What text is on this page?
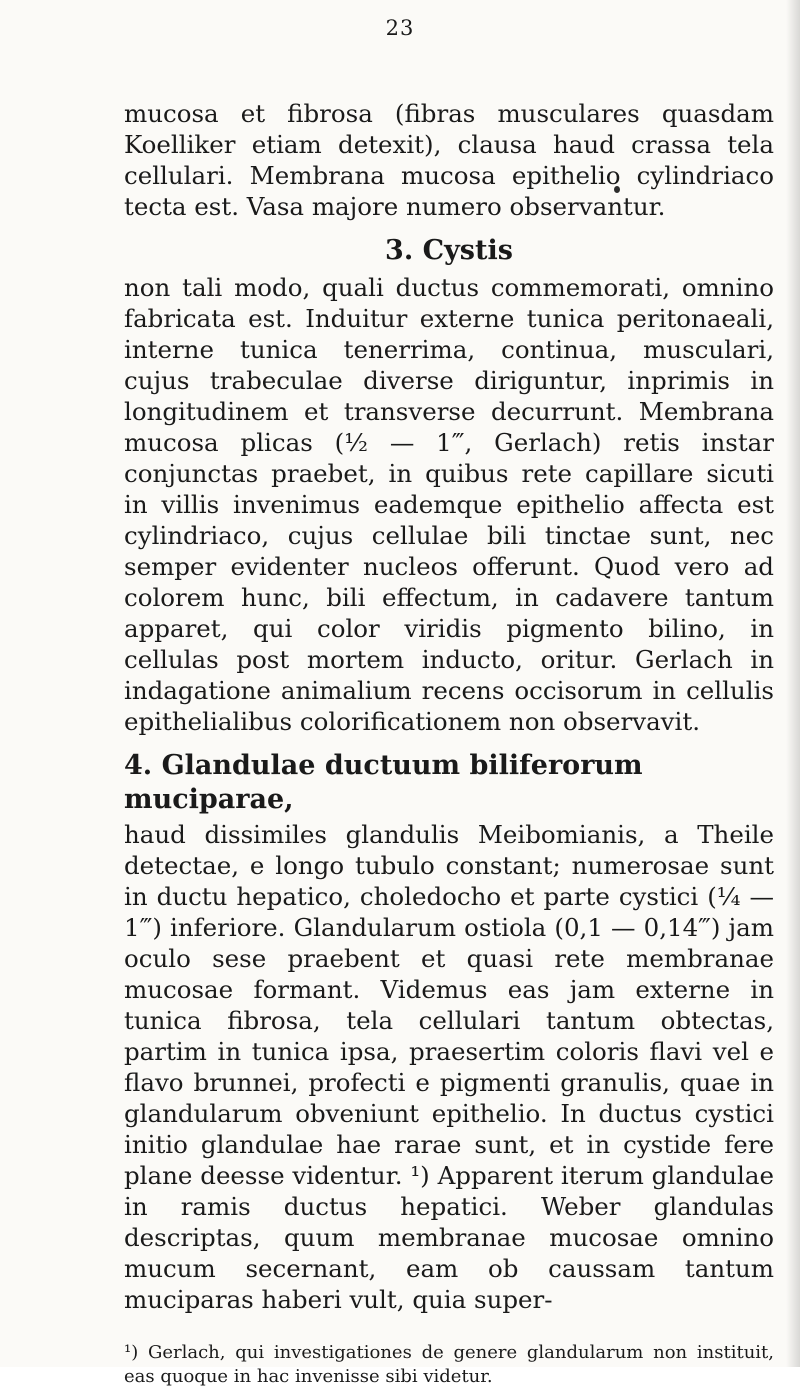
23

mucosa et fibrosa (fibras musculares quasdam Koelliker etiam detexit), clausa haud crassa tela cellulari. Membrana mucosa epithelio cylindriaco tecta est. Vasa majore numero observantur.

3. Cystis

non tali modo, quali ductus commemorati, omnino fabricata est. Induitur externe tunica peritonaeali, interne tunica tenerrima, continua, musculari, cujus trabeculae diverse diriguntur, inprimis in longitudinem et transverse decurrunt. Membrana mucosa plicas (½ — 1‴, Gerlach) retis instar conjunctas praebet, in quibus rete capillare sicuti in villis invenimus eademque epithelio affecta est cylindriaco, cujus cellulae bili tinctae sunt, nec semper evidenter nucleos offerunt. Quod vero ad colorem hunc, bili effectum, in cadavere tantum apparet, qui color viridis pigmento bilino, in cellulas post mortem inducto, oritur. Gerlach in indagatione animalium recens occisorum in cellulis epithelialibus colorificationem non observavit.

4. Glandulae ductuum biliferorum muciparae,

haud dissimiles glandulis Meibomianis, a Theile detectae, e longo tubulo constant; numerosae sunt in ductu hepatico, choledocho et parte cystici (¼ — 1‴) inferiore. Glandularum ostiola (0,1 — 0,14‴) jam oculo sese praebent et quasi rete membranae mucosae formant. Videmus eas jam externe in tunica fibrosa, tela cellulari tantum obtectas, partim in tunica ipsa, praesertim coloris flavi vel e flavo brunnei, profecti e pigmenti granulis, quae in glandularum obveniunt epithelio. In ductus cystici initio glandulae hae rarae sunt, et in cystide fere plane deesse videntur. ¹) Apparent iterum glandulae in ramis ductus hepatici. Weber glandulas descriptas, quum membranae mucosae omnino mucum secernant, eam ob caussam tantum muciparas haberi vult, quia super-

¹) Gerlach, qui investigationes de genere glandularum non instituit, eas quoque in hac invenisse sibi videtur.
